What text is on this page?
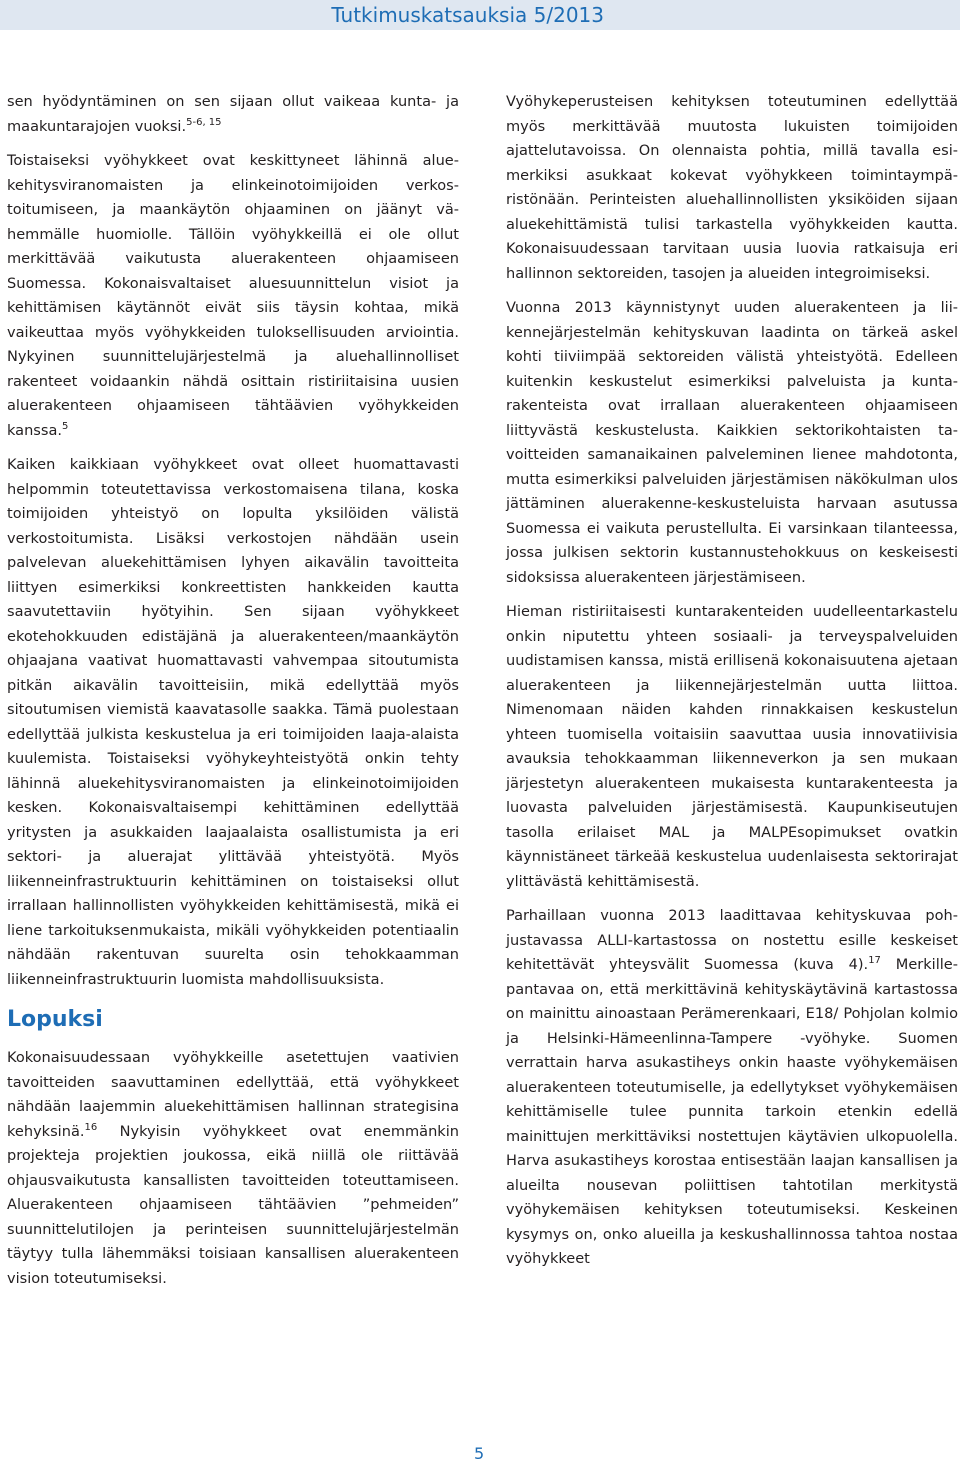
Tutkimuskatsauksia 5/2013

sen hyödyntäminen on sen sijaan ollut vaikeaa kunta- ja maakuntarajojen vuoksi.$^{5-6, 15}$

Toistaiseksi vyöhykkeet ovat keskittyneet lähinnä aluekehitysviranomaisten ja elinkeinotoimijoiden verkostoitumiseen, ja maankäytön ohjaaminen on jäänyt vähemmälle huomiolle. Tällöin vyöhykkeillä ei ole ollut merkittävää vaikutusta aluerakenteen ohjaamiseen Suomessa. Kokonaisvaltaiset aluesuunnittelun visiot ja kehittämisen käytännöt eivät siis täysin kohtaa, mikä vaikeuttaa myös vyöhykkeiden tuloksellisuuden arviointia. Nykyinen suunnittelujärjestelmä ja aluehallinnolliset rakenteet voidaankin nähdä osittain ristiriitaisina uusien aluerakenteen ohjaamiseen tähtäävien vyöhykkeiden kanssa.$^5$

Kaiken kaikkiaan vyöhykkeet ovat olleet huomattavasti helpommin toteutettavissa verkostomaisena tilana, koska toimijoiden yhteistyö on lopulta yksilöiden välistä verkostoitumista. Lisäksi verkostojen nähdään usein palvelevan aluekehittämisen lyhyen aikavälin tavoitteita liittyen esimerkiksi konkreettisten hankkeiden kautta saavutettaviin hyötyihin. Sen sijaan vyöhykkeet ekotehokkuuden edistäjänä ja aluerakenteen/maankäytön ohjaajana vaativat huomattavasti vahvempaa sitoutumista pitkän aikavälin tavoitteisiin, mikä edellyttää myös sitoutumisen viemistä kaavatasolle saakka. Tämä puolestaan edellyttää julkista keskustelua ja eri toimijoiden laaja-alaista kuulemista. Toistaiseksi vyöhykeyhteistyötä onkin tehty lähinnä aluekehitysviranomaisten ja elinkeinotoimijoiden kesken. Kokonaisvaltaisempi kehittäminen edellyttää yritysten ja asukkaiden laajaalaista osallistumista ja eri sektori- ja aluerajat ylittävää yhteistyötä. Myös liikenneinfrastruktuurin kehittäminen on toistaiseksi ollut irrallaan hallinnollisten vyöhykkeiden kehittämisestä, mikä ei liene tarkoituksenmukaista, mikäli vyöhykkeiden potentiaalin nähdään rakentuvan suurelta osin tehokkaamman liikenneinfrastruktuurin luomista mahdollisuuksista.

Lopuksi

Kokonaisuudessaan vyöhykkeille asetettujen vaativien tavoitteiden saavuttaminen edellyttää, että vyöhykkeet nähdään laajemmin aluekehittämisen hallinnan strategisina kehyksinä.$^{16}$ Nykyisin vyöhykkeet ovat enemmänkin projekteja projektien joukossa, eikä niillä ole riittävää ohjausvaikutusta kansallisten tavoitteiden toteuttamiseen. Aluerakenteen ohjaamiseen tähtäävien ”pehmeiden” suunnittelutilojen ja perinteisen suunnittelujärjestelmän täytyy tulla lähemmäksi toisiaan kansallisen aluerakenteen vision toteutumiseksi.

Vyöhykeperusteisen kehityksen toteutuminen edellyttää myös merkittävää muutosta lukuisten toimijoiden ajattelutavoissa. On olennaista pohtia, millä tavalla esimerkiksi asukkaat kokevat vyöhykkeen toimintaympäristönään. Perinteisten aluehallinnollisten yksiköiden sijaan aluekehittämistä tulisi tarkastella vyöhykkeiden kautta. Kokonaisuudessaan tarvitaan uusia luovia ratkaisuja eri hallinnon sektoreiden, tasojen ja alueiden integroimiseksi.

Vuonna 2013 käynnistynyt uuden aluerakenteen ja liikennejärjestelmän kehityskuvan laadinta on tärkeä askel kohti tiiviimpää sektoreiden välistä yhteistyötä. Edelleen kuitenkin keskustelut esimerkiksi palveluista ja kuntarakenteista ovat irrallaan aluerakenteen ohjaamiseen liittyvästä keskustelusta. Kaikkien sektorikohtaisten tavoitteiden samanaikainen palveleminen lienee mahdotonta, mutta esimerkiksi palveluiden järjestämisen näkökulman ulos jättäminen aluerakenne-keskusteluista harvaan asutussa Suomessa ei vaikuta perustellulta. Ei varsinkaan tilanteessa, jossa julkisen sektorin kustannustehokkuus on keskeisesti sidoksissa aluerakenteen järjestämiseen.

Hieman ristiriitaisesti kuntarakenteiden uudelleentarkastelu onkin niputettu yhteen sosiaali- ja terveyspalveluiden uudistamisen kanssa, mistä erillisenä kokonaisuutena ajetaan aluerakenteen ja liikennejärjestelmän uutta liittoa. Nimenomaan näiden kahden rinnakkaisen keskustelun yhteen tuomisella voitaisiin saavuttaa uusia innovatiivisia avauksia tehokkaamman liikenneverkon ja sen mukaan järjestetyn aluerakenteen mukaisesta kuntarakenteesta ja luovasta palveluiden järjestämisestä. Kaupunkiseutujen tasolla erilaiset MAL ja MALPEsopimukset ovatkin käynnistäneet tärkeää keskustelua uudenlaisesta sektorirajat ylittävästä kehittämisestä.

Parhaillaan vuonna 2013 laadittavaa kehityskuvaa pohjustavassa ALLI-kartastossa on nostettu esille keskeiset kehitettävät yhteysvälit Suomessa (kuva 4).$^{17}$ Merkillepantavaa on, että merkittävinä kehityskäytävinä kartastossa on mainittu ainoastaan Perämerenkaari, E18/ Pohjolan kolmio ja Helsinki-Hämeenlinna-Tampere -vyöhyke. Suomen verrattain harva asukastiheys onkin haaste vyöhykemäisen aluerakenteen toteutumiselle, ja edellytykset vyöhykemäisen kehittämiselle tulee punnita tarkoin etenkin edellä mainittujen merkittäviksi nostettujen käytävien ulkopuolella. Harva asukastiheys korostaa entisestään laajan kansallisen ja alueilta nousevan poliittisen tahtotilan merkitystä vyöhykemäisen kehityksen toteutumiseksi. Keskeinen kysymys on, onko alueilla ja keskushallinnossa tahtoa nostaa vyöhykkeet

5
